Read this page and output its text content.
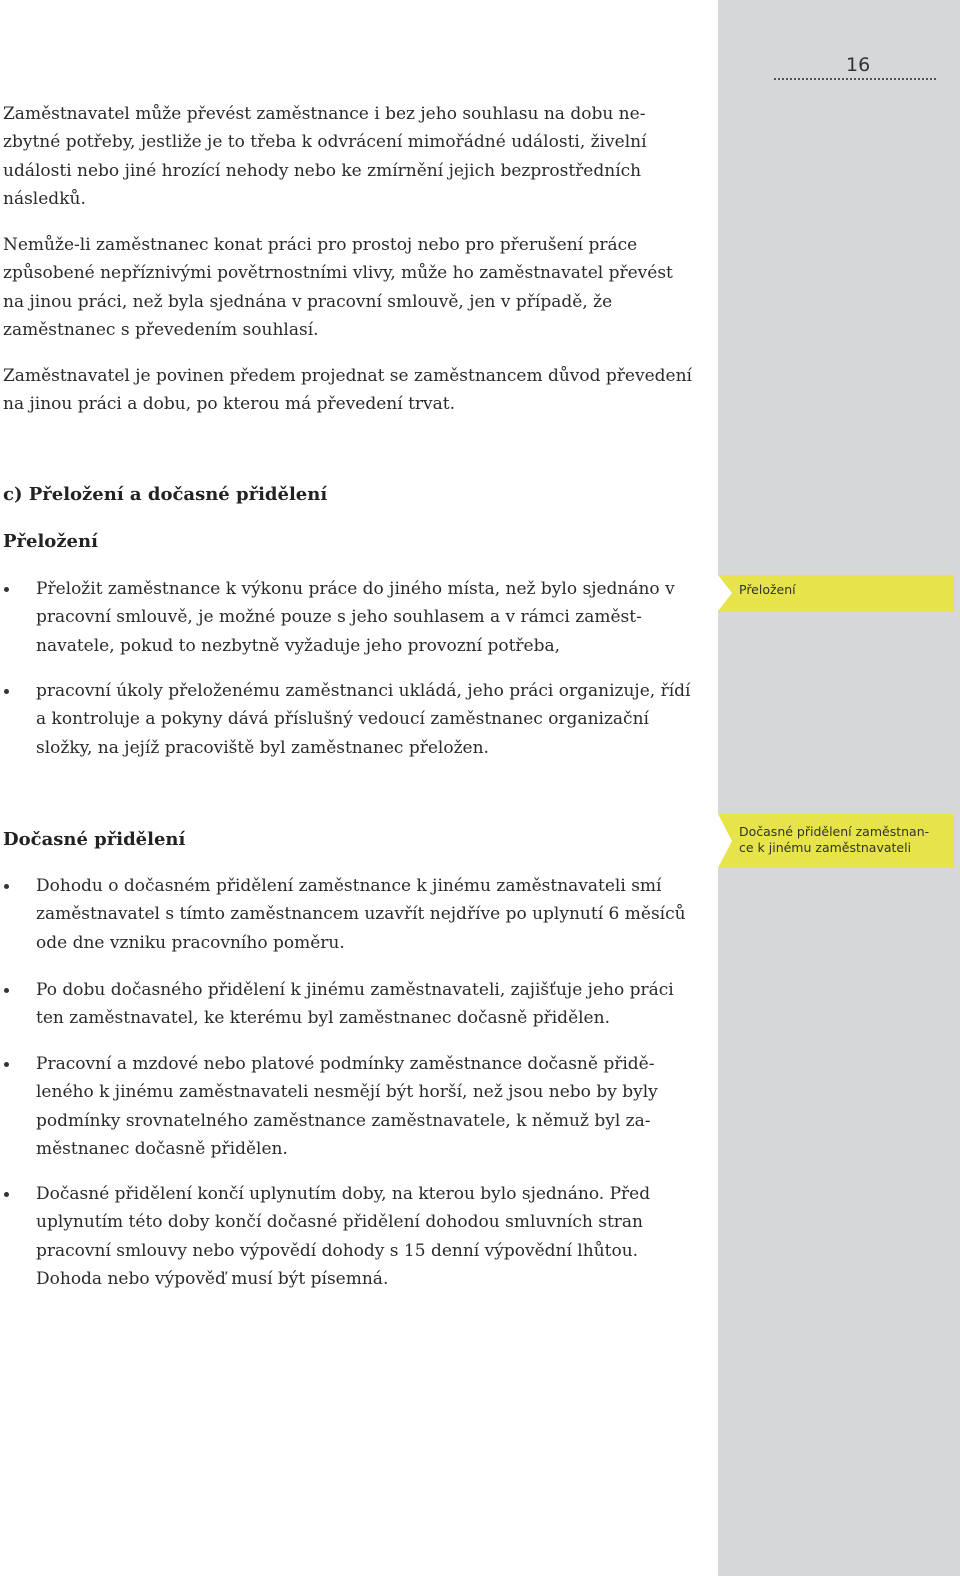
16

Zaměstnavatel může převést zaměstnance i bez jeho souhlasu na dobu nezbytné potřeby, jestliže je to třeba k odvrácení mimořádné události, živelní události nebo jiné hrozící nehody nebo ke zmírnění jejich bezprostředních následků.

Nemůže-li zaměstnanec konat práci pro prostoj nebo pro přerušení práce způsobené nepříznivými povětrnostními vlivy, může ho zaměstnavatel převést na jinou práci, než byla sjednána v pracovní smlouvě, jen v případě, že zaměstnanec s převedením souhlasí.

Zaměstnavatel je povinen předem projednat se zaměstnancem důvod převedení na jinou práci a dobu, po kterou má převedení trvat.

c) Přeložení a dočasné přidělení
Přeložení
Přeložení

Přeložit zaměstnance k výkonu práce do jiného místa, než bylo sjednáno v pracovní smlouvě, je možné pouze s jeho souhlasem a v rámci zaměstnavatele, pokud to nezbytně vyžaduje jeho provozní potřeba,

pracovní úkoly přeloženému zaměstnanci ukládá, jeho práci organizuje, řídí a kontroluje a pokyny dává příslušný vedoucí zaměstnanec organizační složky, na jejíž pracoviště byl zaměstnanec přeložen.

Dočasné přidělení	Dočasné přidělení zaměstnance k jinému zaměstnavateli

Dohodu o dočasném přidělení zaměstnance k jinému zaměstnavateli smí zaměstnavatel s tímto zaměstnancem uzavřít nejdříve po uplynutí 6 měsíců ode dne vzniku pracovního poměru.

Po dobu dočasného přidělení k jinému zaměstnavateli, zajišťuje jeho práci ten zaměstnavatel, ke kterému byl zaměstnanec dočasně přidělen.

Pracovní a mzdové nebo platové podmínky zaměstnance dočasně přiděleného k jinému zaměstnavateli nesmějí být horší, než jsou nebo by byly podmínky srovnatelného zaměstnance zaměstnavatele, k němuž byl zaměstnanec dočasně přidělen.

Dočasné přidělení končí uplynutím doby, na kterou bylo sjednáno. Před uplynutím této doby končí dočasné přidělení dohodou smluvních stran pracovní smlouvy nebo výpovědí dohody s 15 denní výpovědní lhůtou. Dohoda nebo výpověď musí být písemná.
